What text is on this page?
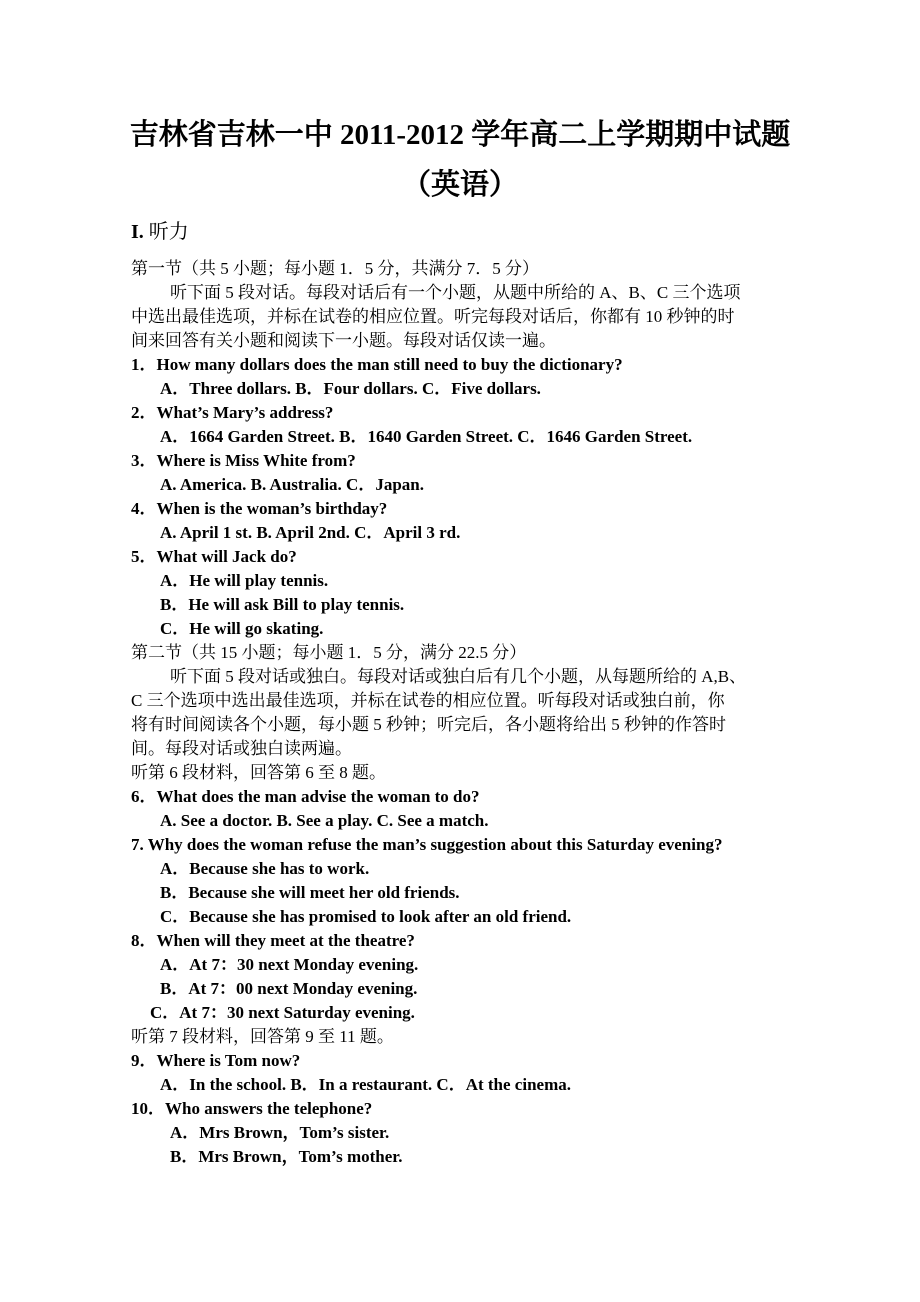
吉林省吉林一中 2011-2012 学年高二上学期期中试题
（英语）
I. 听力
第一节（共 5 小题；每小题 1．5 分，共满分 7．5 分）
听下面 5 段对话。每段对话后有一个小题，从题中所给的 A、B、C 三个选项
中选出最佳选项，并标在试卷的相应位置。听完每段对话后，你都有 10 秒钟的时
间来回答有关小题和阅读下一小题。每段对话仅读一遍。
1．How many dollars does the man still need to buy the dictionary?
A．Three dollars. B．Four dollars. C．Five dollars.
2．What’s Mary’s address?
A．1664 Garden Street. B．1640 Garden Street. C．1646 Garden Street.
3．Where is Miss White from?
A. America. B. Australia. C．Japan.
4．When is the woman’s birthday?
A. April 1 st. B. April 2nd. C．April 3 rd.
5．What will Jack do?
A．He will play tennis.
B．He will ask Bill to play tennis.
C．He will go skating.
第二节（共 15 小题；每小题 1．5 分，满分 22.5 分）
听下面 5 段对话或独白。每段对话或独白后有几个小题，从每题所给的 A,B、
C 三个选项中选出最佳选项，并标在试卷的相应位置。听每段对话或独白前，你
将有时间阅读各个小题，每小题 5 秒钟；听完后，各小题将给出 5 秒钟的作答时
间。每段对话或独白读两遍。
听第 6 段材料，回答第 6 至 8 题。
6．What does the man advise the woman to do?
A. See a doctor. B. See a play. C. See a match.
7. Why does the woman refuse the man’s suggestion about this Saturday evening?
A．Because she has to work.
B．Because she will meet her old friends.
C．Because she has promised to look after an old friend.
8．When will they meet at the theatre?
A．At 7：30 next Monday evening.
B．At 7：00 next Monday evening.
C．At 7：30 next Saturday evening.
听第 7 段材料，回答第 9 至 11 题。
9．Where is Tom now?
A．In the school. B．In a restaurant. C．At the cinema.
10．Who answers the telephone?
A．Mrs Brown，Tom’s sister.
B．Mrs Brown，Tom’s mother.
